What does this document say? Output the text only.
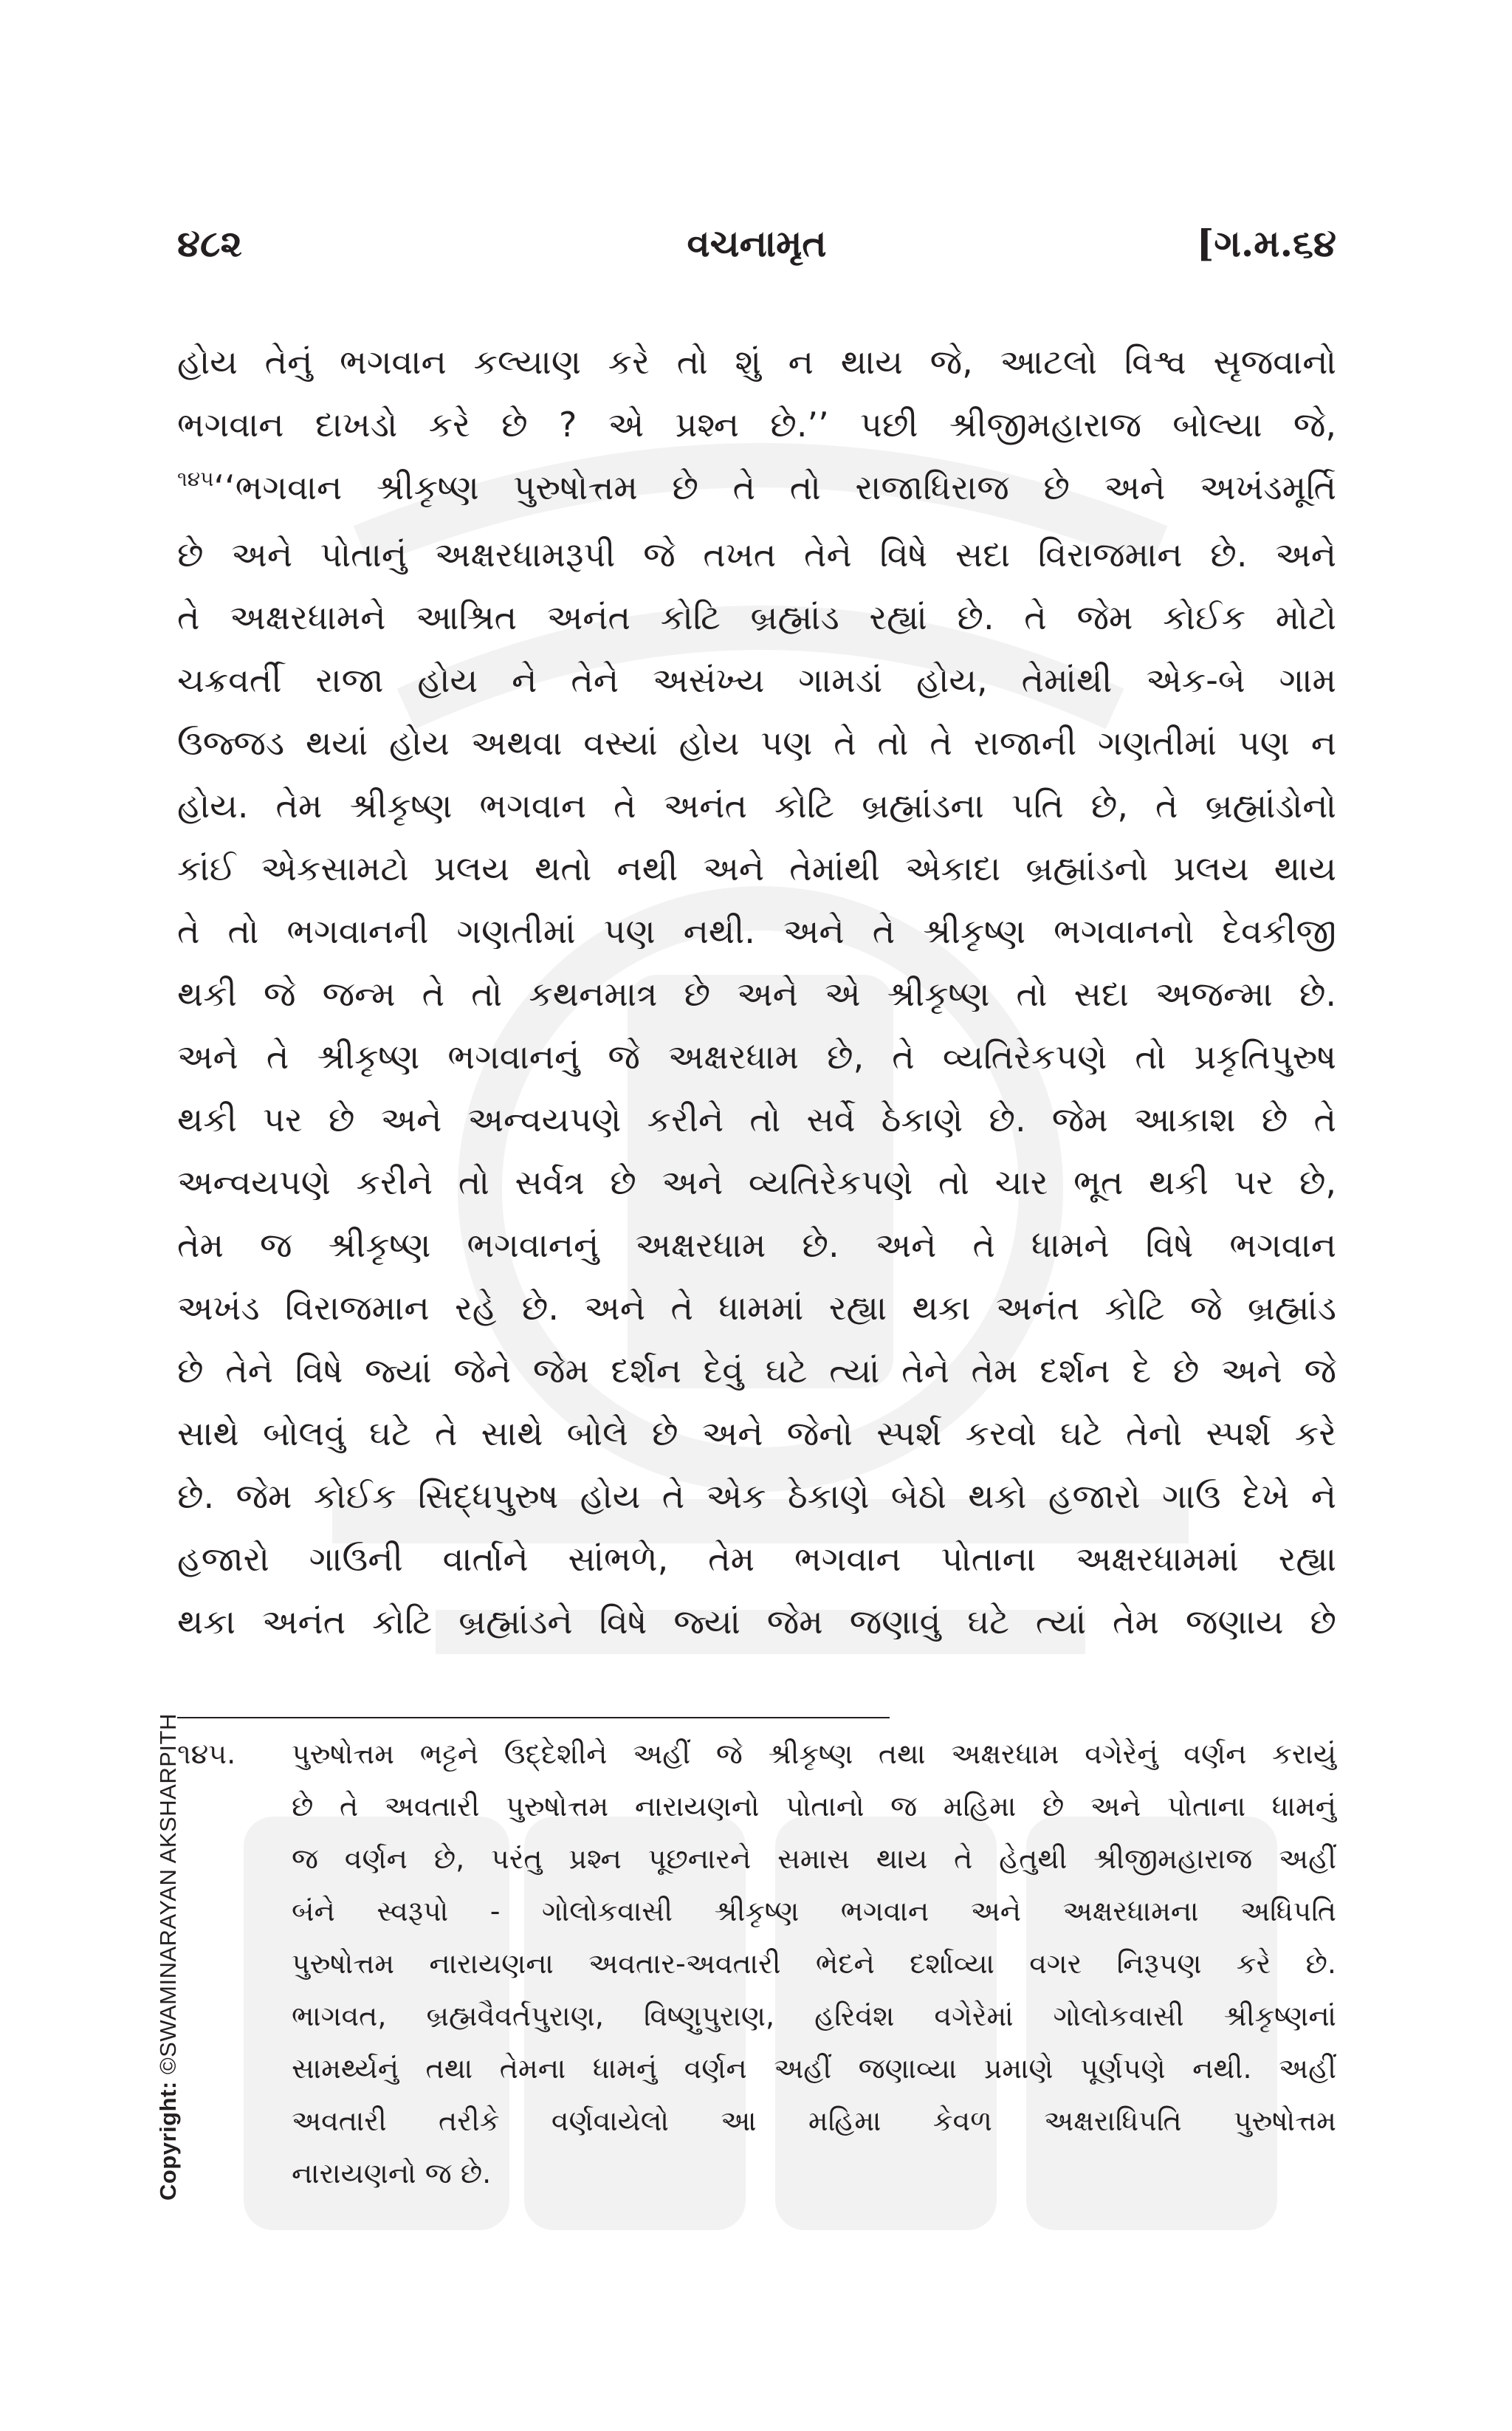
૪૮૨	વચનામૃત	[ગ.મ.૬૪

હોય તેનું ભગવાન કલ્યાણ કરે તો શું ન થાય જે, આટલો વિશ્વ સૃજવાનો

ભગવાન દાખડો કરે છે ? એ પ્રશ્ન છે.’’ પછી શ્રીજીમહારાજ બોલ્યા જે,

$^{૧૪૫}$‘‘ભગવાન શ્રીકૃષ્ણ પુરુષોત્તમ છે તે તો રાજાધિરાજ છે અને અખંડમૂર્તિ

છે અને પોતાનું અક્ષરધામરૂપી જે તખત તેને વિષે સદા વિરાજમાન છે. અને

તે અક્ષરધામને આશ્રિત અનંત કોટિ બ્રહ્માંડ રહ્યાં છે. તે જેમ કોઈક મોટો

ચક્રવર્તી રાજા હોય ને તેને અસંખ્ય ગામડાં હોય, તેમાંથી એક-બે ગામ

ઉજ્જડ થયાં હોય અથવા વસ્યાં હોય પણ તે તો તે રાજાની ગણતીમાં પણ ન

હોય. તેમ શ્રીકૃષ્ણ ભગવાન તે અનંત કોટિ બ્રહ્માંડના પતિ છે, તે બ્રહ્માંડોનો

કાંઈ એકસામટો પ્રલય થતો નથી અને તેમાંથી એકાદા બ્રહ્માંડનો પ્રલય થાય

તે તો ભગવાનની ગણતીમાં પણ નથી. અને તે શ્રીકૃષ્ણ ભગવાનનો દેવકીજી

થકી જે જન્મ તે તો કથનમાત્ર છે અને એ શ્રીકૃષ્ણ તો સદા અજન્મા છે.

અને તે શ્રીકૃષ્ણ ભગવાનનું જે અક્ષરધામ છે, તે વ્યતિરેકપણે તો પ્રકૃતિપુરુષ

થકી પર છે અને અન્વયપણે કરીને તો સર્વે ઠેકાણે છે. જેમ આકાશ છે તે

અન્વયપણે કરીને તો સર્વત્ર છે અને વ્યતિરેકપણે તો ચાર ભૂત થકી પર છે,

તેમ જ શ્રીકૃષ્ણ ભગવાનનું અક્ષરધામ છે. અને તે ધામને વિષે ભગવાન

અખંડ વિરાજમાન રહે છે. અને તે ધામમાં રહ્યા થકા અનંત કોટિ જે બ્રહ્માંડ

છે તેને વિષે જ્યાં જેને જેમ દર્શન દેવું ઘટે ત્યાં તેને તેમ દર્શન દે છે અને જે

સાથે બોલવું ઘટે તે સાથે બોલે છે અને જેનો સ્પર્શ કરવો ઘટે તેનો સ્પર્શ કરે

છે. જેમ કોઈક સિદ્ધપુરુષ હોય તે એક ઠેકાણે બેઠો થકો હજારો ગાઉ દેખે ને

હજારો ગાઉની વાર્તાને સાંભળે, તેમ ભગવાન પોતાના અક્ષરધામમાં રહ્યા

થકા અનંત કોટિ બ્રહ્માંડને વિષે જ્યાં જેમ જણાવું ઘટે ત્યાં તેમ જણાય છે

૧૪૫. પુરુષોત્તમ ભટ્ટને ઉદ્દેશીને અહીં જે શ્રીકૃષ્ણ તથા અક્ષરધામ વગેરેનું વર્ણન કરાયું

છે તે અવતારી પુરુષોત્તમ નારાયણનો પોતાનો જ મહિમા છે અને પોતાના ધામનું

જ વર્ણન છે, પરંતુ પ્રશ્ન પૂછનારને સમાસ થાય તે હેતુથી શ્રીજીમહારાજ અહીં

બંને સ્વરૂપો - ગોલોકવાસી શ્રીકૃષ્ણ ભગવાન અને અક્ષરધામના અધિપતિ

પુરુષોત્તમ નારાયણના અવતાર-અવતારી ભેદને દર્શાવ્યા વગર નિરૂપણ કરે છે.

ભાગવત, બ્રહ્મવૈવર્તપુરાણ, વિષ્ણુપુરાણ, હરિવંશ વગેરેમાં ગોલોકવાસી શ્રીકૃષ્ણનાં

સામર્થ્યનું તથા તેમના ધામનું વર્ણન અહીં જણાવ્યા પ્રમાણે પૂર્ણપણે નથી. અહીં

અવતારી તરીકે વર્ણવાયેલો આ મહિમા કેવળ અક્ષરાધિપતિ પુરુષોત્તમ

નારાયણનો જ છે.

Copyright: ©SWAMINARAYAN AKSHARPITH
